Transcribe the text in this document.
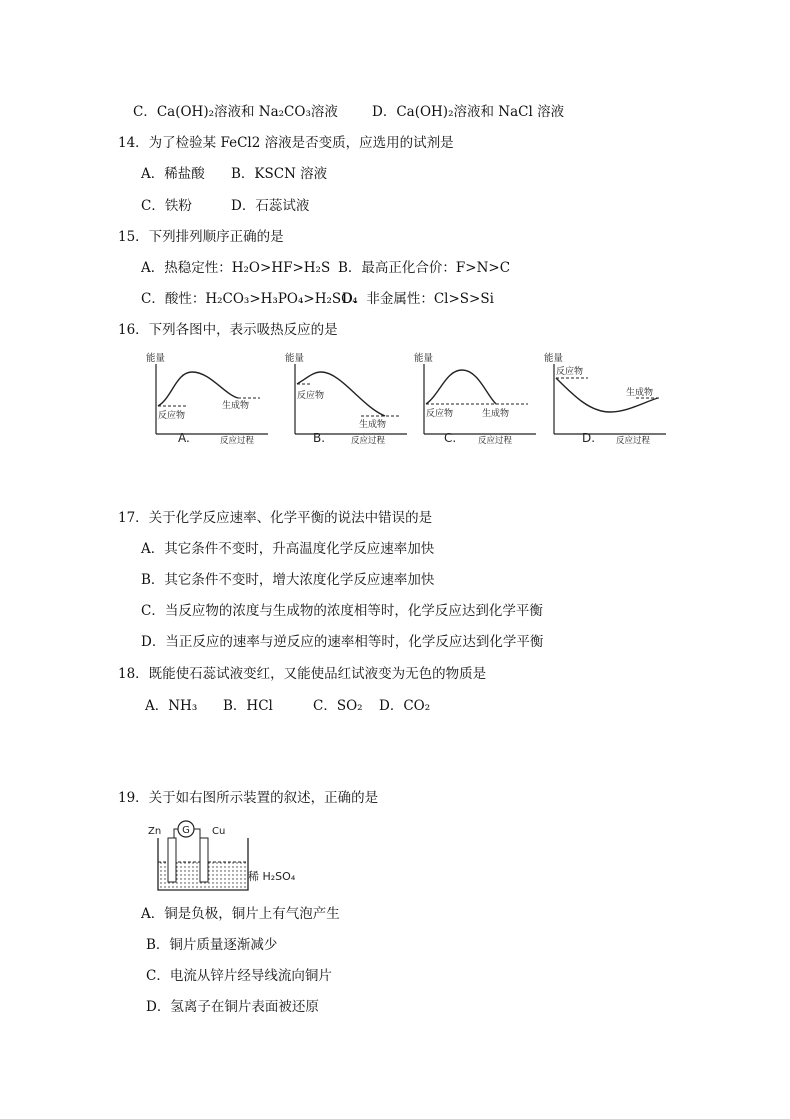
C．Ca(OH)₂溶液和 Na₂CO₃溶液	D．Ca(OH)₂溶液和 NaCl 溶液
14．为了检验某 FeCl2 溶液是否变质，应选用的试剂是
A．稀盐酸 B．KSCN 溶液
C．铁粉	D．石蕊试液
15．下列排列顺序正确的是
A．热稳定性：H₂O>HF>H₂S B．最高正化合价：F>N>C
C．酸性：H₂CO₃>H₃PO₄>H₂SO₄
D．非金属性：Cl>S>Si
16．下列各图中，表示吸热反应的是
能量
反应物
生成物
A.	反应过程
能量
反应物
生成物
B.	反应过程
能量
反应物	生成物
C.	反应过程
能量
反应物
生成物
D. 反应过程
17．关于化学反应速率、化学平衡的说法中错误的是
A．其它条件不变时，升高温度化学反应速率加快
B．其它条件不变时，增大浓度化学反应速率加快
C．当反应物的浓度与生成物的浓度相等时，化学反应达到化学平衡
D．当正反应的速率与逆反应的速率相等时，化学反应达到化学平衡
18．既能使石蕊试液变红，又能使品红试液变为无色的物质是
A．NH₃ B．HCl	C．SO₂ D．CO₂
19．关于如右图所示装置的叙述，正确的是
Zn	Cu
G
稀 H₂SO₄
A．铜是负极，铜片上有气泡产生
B．铜片质量逐渐减少
C．电流从锌片经导线流向铜片
D．氢离子在铜片表面被还原
